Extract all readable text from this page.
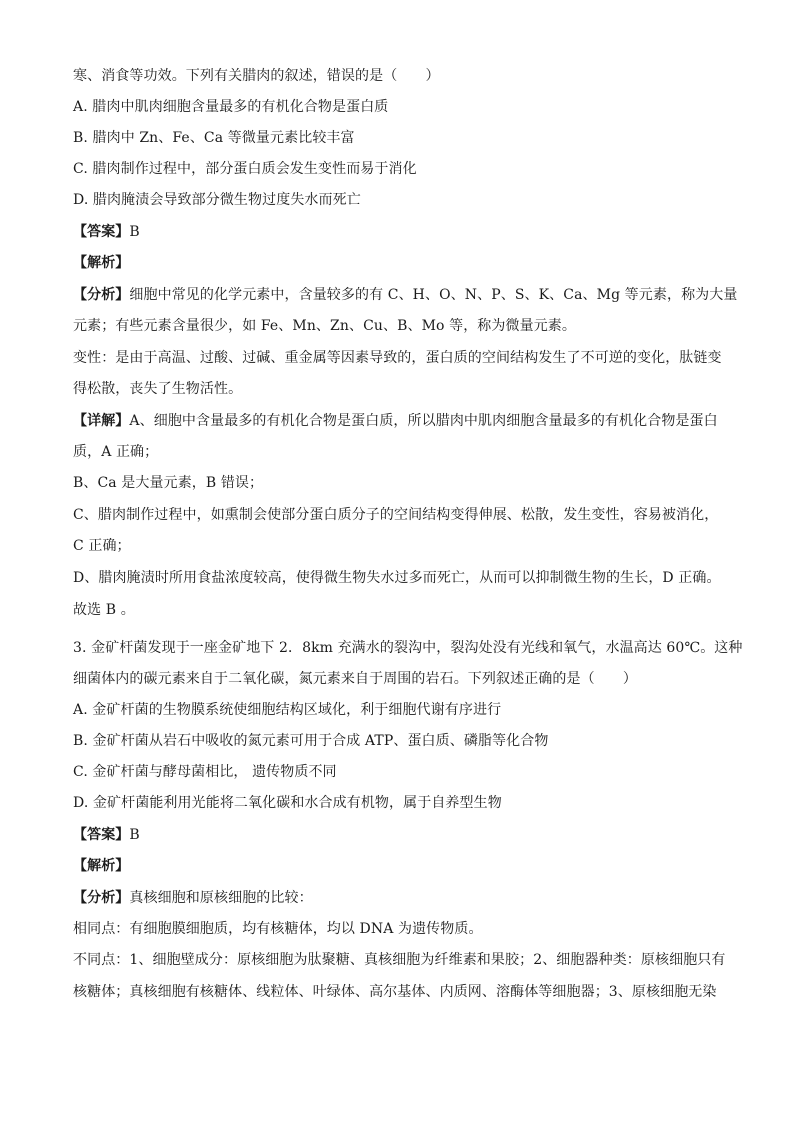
寒、消食等功效。下列有关腊肉的叙述，错误的是（　　）
A. 腊肉中肌肉细胞含量最多的有机化合物是蛋白质
B. 腊肉中 Zn、Fe、Ca 等微量元素比较丰富
C. 腊肉制作过程中，部分蛋白质会发生变性而易于消化
D. 腊肉腌渍会导致部分微生物过度失水而死亡
【答案】B
【解析】
【分析】细胞中常见的化学元素中，含量较多的有 C、H、O、N、P、S、K、Ca、Mg 等元素，称为大量
元素；有些元素含量很少，如 Fe、Mn、Zn、Cu、B、Mo 等，称为微量元素。
变性：是由于高温、过酸、过碱、重金属等因素导致的，蛋白质的空间结构发生了不可逆的变化，肽链变
得松散，丧失了生物活性。
【详解】A、细胞中含量最多的有机化合物是蛋白质，所以腊肉中肌肉细胞含量最多的有机化合物是蛋白
质，A 正确；
B、Ca 是大量元素，B 错误；
C、腊肉制作过程中，如熏制会使部分蛋白质分子的空间结构变得伸展、松散，发生变性，容易被消化，
C 正确；
D、腊肉腌渍时所用食盐浓度较高，使得微生物失水过多而死亡，从而可以抑制微生物的生长，D 正确。
故选 B 。
3. 金矿杆菌发现于一座金矿地下 2．8km 充满水的裂沟中，裂沟处没有光线和氧气，水温高达 60℃。这种
细菌体内的碳元素来自于二氧化碳，氮元素来自于周围的岩石。下列叙述正确的是（　　）
A. 金矿杆菌的生物膜系统使细胞结构区域化，利于细胞代谢有序进行
B. 金矿杆菌从岩石中吸收的氮元素可用于合成 ATP、蛋白质、磷脂等化合物
C. 金矿杆菌与酵母菌相比， 遗传物质不同
D. 金矿杆菌能利用光能将二氧化碳和水合成有机物，属于自养型生物
【答案】B
【解析】
【分析】真核细胞和原核细胞的比较：
相同点：有细胞膜细胞质，均有核糖体，均以 DNA 为遗传物质。
不同点：1、细胞壁成分：原核细胞为肽聚糖、真核细胞为纤维素和果胶；2、细胞器种类：原核细胞只有
核糖体；真核细胞有核糖体、线粒体、叶绿体、高尔基体、内质网、溶酶体等细胞器；3、原核细胞无染
